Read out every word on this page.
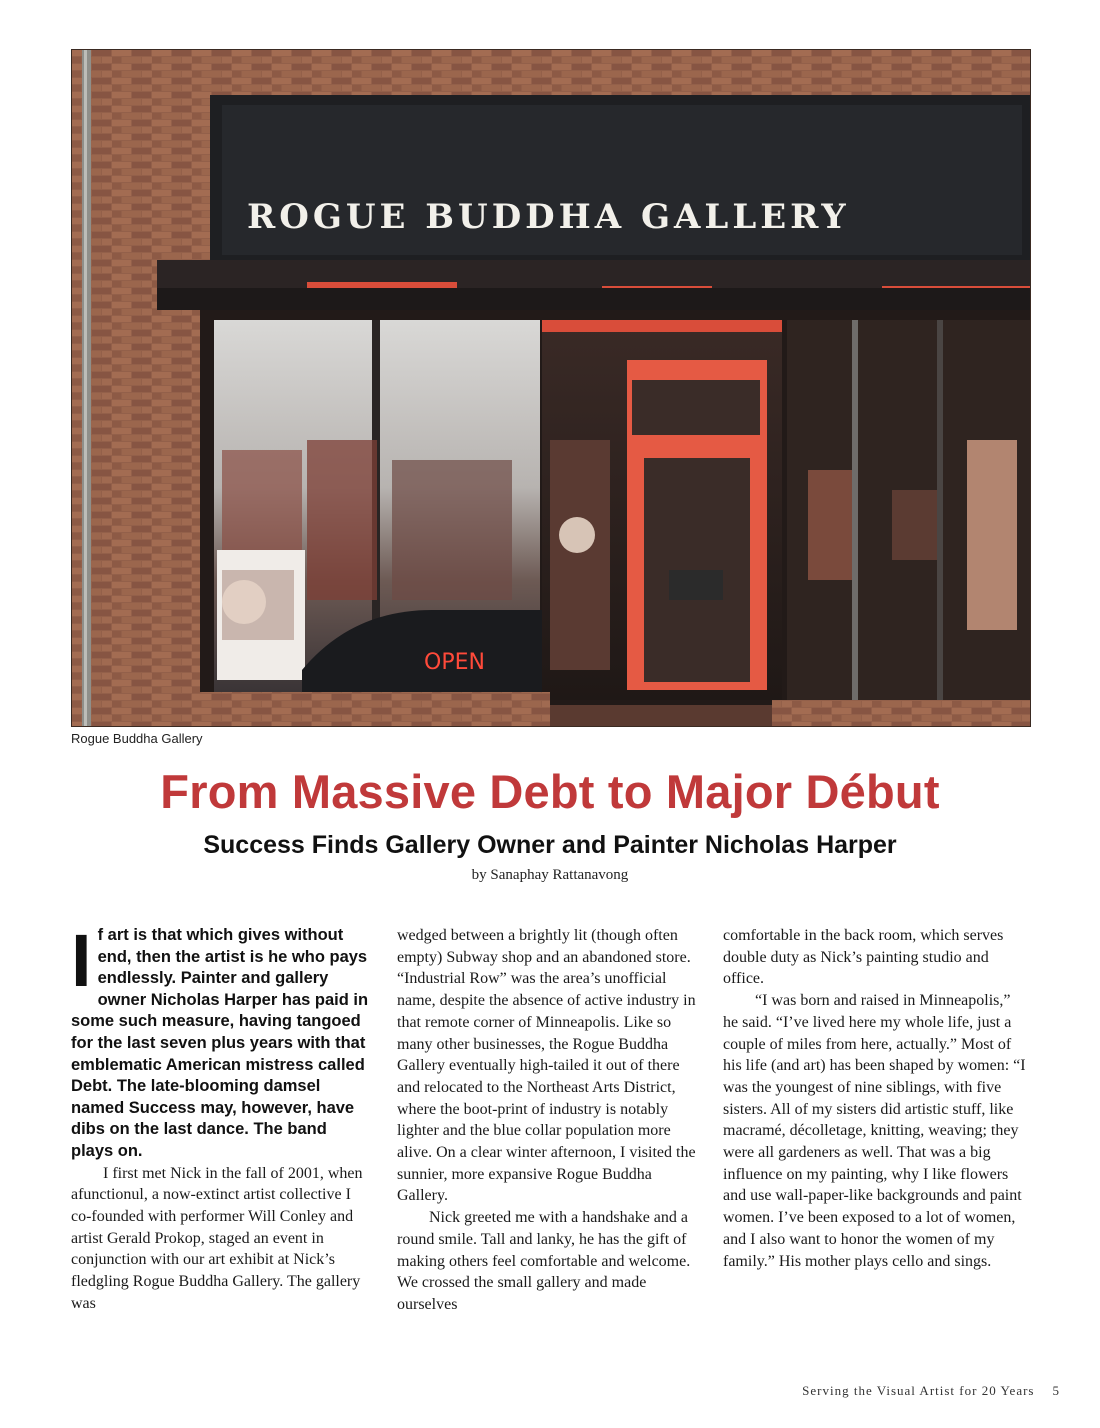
ROGUE BUDDHA GALLERY
OPEN
Rogue Buddha Gallery
From Massive Debt to Major Début
Success Finds Gallery Owner and Painter Nicholas Harper
by Sanaphay Rattanavong

If art is that which gives without end, then the artist is he who pays endlessly. Painter and gallery owner Nicholas Harper has paid in some such measure, having tangoed for the last seven plus years with that emblematic American mistress called Debt. The late-blooming damsel named Success may, however, have dibs on the last dance. The band plays on.

I first met Nick in the fall of 2001, when afunctionul, a now-extinct artist collective I co-founded with performer Will Conley and artist Gerald Prokop, staged an event in conjunction with our art exhibit at Nick’s fledgling Rogue Buddha Gallery. The gallery was

wedged between a brightly lit (though often empty) Subway shop and an abandoned store. “Industrial Row” was the area’s unofficial name, despite the absence of active industry in that remote corner of Minneapolis. Like so many other businesses, the Rogue Buddha Gallery eventually high-tailed it out of there and relocated to the Northeast Arts District, where the boot-print of industry is notably lighter and the blue collar population more alive. On a clear winter afternoon, I visited the sunnier, more expansive Rogue Buddha Gallery.

Nick greeted me with a handshake and a round smile. Tall and lanky, he has the gift of making others feel comfortable and welcome. We crossed the small gallery and made ourselves

comfortable in the back room, which serves double duty as Nick’s painting studio and office.

“I was born and raised in Minneapolis,” he said. “I’ve lived here my whole life, just a couple of miles from here, actually.” Most of his life (and art) has been shaped by women: “I was the youngest of nine siblings, with five sisters. All of my sisters did artistic stuff, like macramé, décolletage, knitting, weaving; they were all gardeners as well. That was a big influence on my painting, why I like flowers and use wall-paper-like backgrounds and paint women. I’ve been exposed to a lot of women, and I also want to honor the women of my family.” His mother plays cello and sings.

Serving the Visual Artist for 20 Years 5
